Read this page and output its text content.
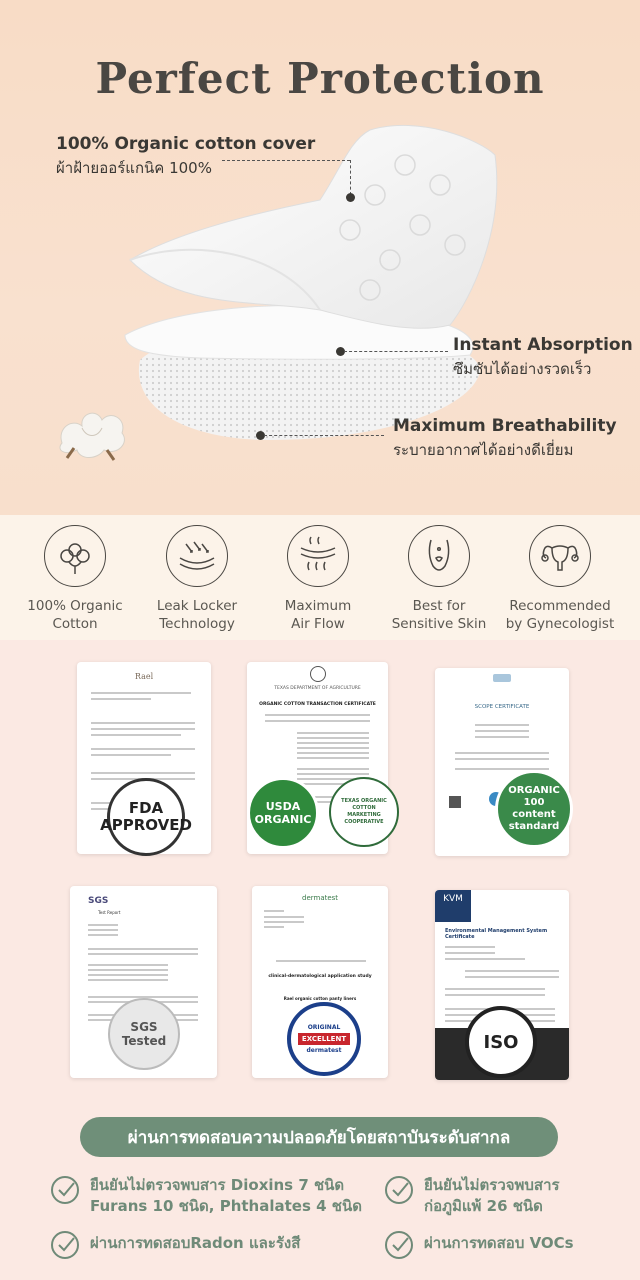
Perfect Protection
100% Organic cotton cover
ผ้าฝ้ายออร์แกนิค 100%
Instant Absorption
ซึมซับได้อย่างรวดเร็ว
Maximum Breathability
ระบายอากาศได้อย่างดีเยี่ยม
100% Organic
Cotton
Leak Locker
Technology
Maximum
Air Flow
Best for
Sensitive Skin
Recommended
by Gynecologist
Rael
FDA APPROVED
TEXAS DEPARTMENT OF AGRICULTURE
ORGANIC COTTON TRANSACTION CERTIFICATE
USDA ORGANIC
TEXAS ORGANIC COTTON MARKETING COOPERATIVE
SCOPE CERTIFICATE
ORGANIC 100 content standard
SGS
Test Report
SGS Tested
dermatest
clinical-dermatological application study
Rael organic cotton panty liners
ORIGINAL
EXCELLENT
dermatest
KVM
Environmental Management System Certificate
ISO
ผ่านการทดสอบความปลอดภัยโดยสถาบันระดับสากล
ยืนยันไม่ตรวจพบสาร Dioxins 7 ชนิด
Furans 10 ชนิด, Phthalates 4 ชนิด
ยืนยันไม่ตรวจพบสาร
ก่อภูมิแพ้ 26 ชนิด
ผ่านการทดสอบRadon และรังสี	ผ่านการทดสอบ VOCs
